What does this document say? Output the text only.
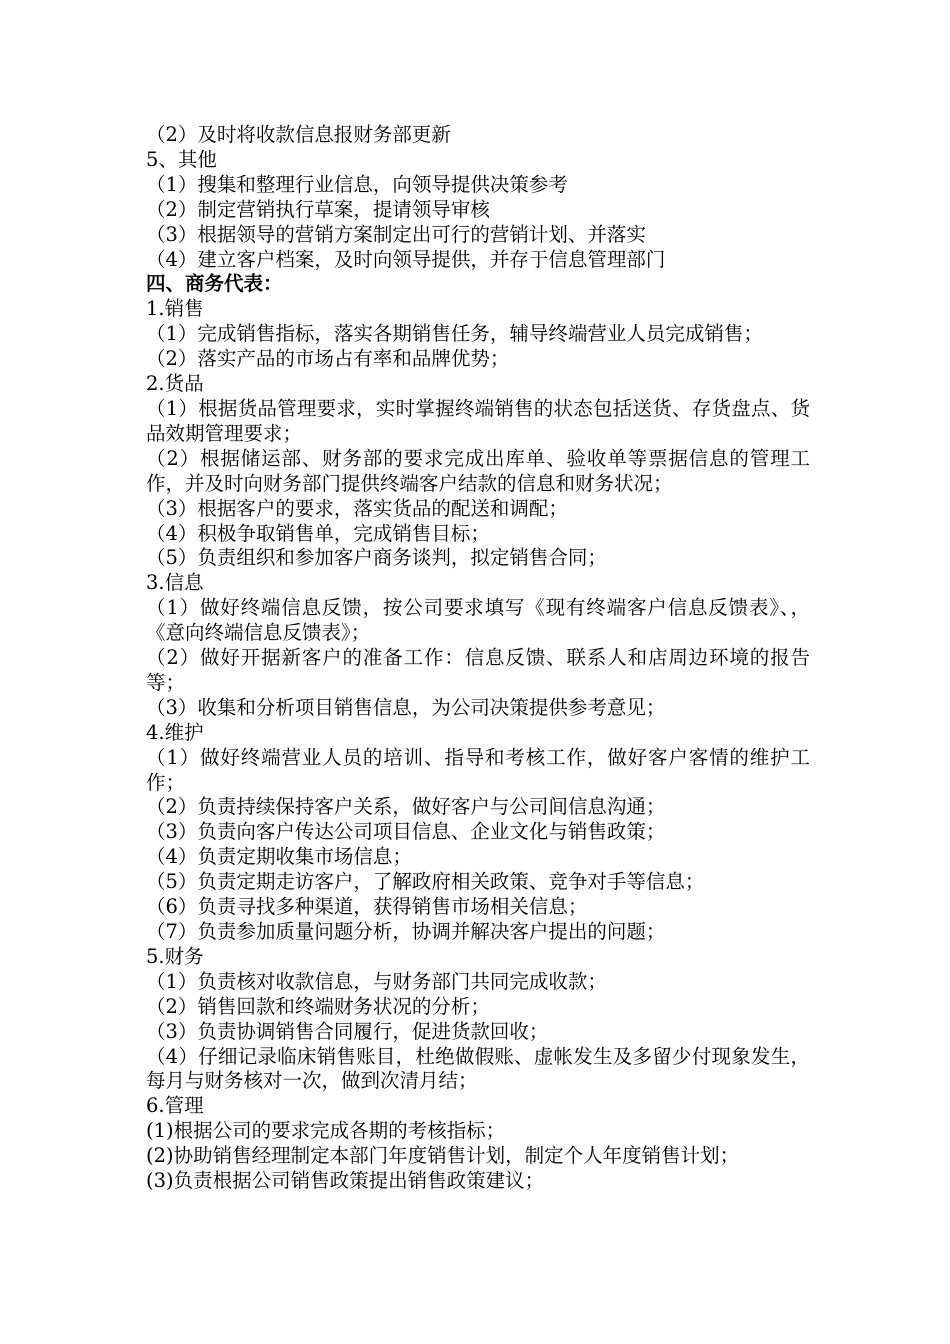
（2）及时将收款信息报财务部更新
5、其他
（1）搜集和整理行业信息，向领导提供决策参考
（2）制定营销执行草案，提请领导审核
（3）根据领导的营销方案制定出可行的营销计划、并落实
（4）建立客户档案，及时向领导提供，并存于信息管理部门
四、商务代表：
1.销售
（1）完成销售指标，落实各期销售任务，辅导终端营业人员完成销售；
（2）落实产品的市场占有率和品牌优势；
2.货品
（1）根据货品管理要求，实时掌握终端销售的状态包括送货、存货盘点、货品效期管理要求；
（2）根据储运部、财务部的要求完成出库单、验收单等票据信息的管理工作，并及时向财务部门提供终端客户结款的信息和财务状况；
（3）根据客户的要求，落实货品的配送和调配；
（4）积极争取销售单，完成销售目标；
（5）负责组织和参加客户商务谈判，拟定销售合同；
3.信息
（1）做好终端信息反馈，按公司要求填写《现有终端客户信息反馈表》、，《意向终端信息反馈表》；
（2）做好开据新客户的准备工作：信息反馈、联系人和店周边环境的报告等；
（3）收集和分析项目销售信息，为公司决策提供参考意见；
4.维护
（1）做好终端营业人员的培训、指导和考核工作，做好客户客情的维护工作；
（2）负责持续保持客户关系，做好客户与公司间信息沟通；
（3）负责向客户传达公司项目信息、企业文化与销售政策；
（4）负责定期收集市场信息；
（5）负责定期走访客户，了解政府相关政策、竞争对手等信息；
（6）负责寻找多种渠道，获得销售市场相关信息；
（7）负责参加质量问题分析，协调并解决客户提出的问题；
5.财务
（1）负责核对收款信息，与财务部门共同完成收款；
（2）销售回款和终端财务状况的分析；
（3）负责协调销售合同履行，促进货款回收；
（4）仔细记录临床销售账目，杜绝做假账、虚帐发生及多留少付现象发生，每月与财务核对一次，做到次清月结；
6.管理
(1)根据公司的要求完成各期的考核指标；
(2)协助销售经理制定本部门年度销售计划，制定个人年度销售计划；
(3)负责根据公司销售政策提出销售政策建议；
